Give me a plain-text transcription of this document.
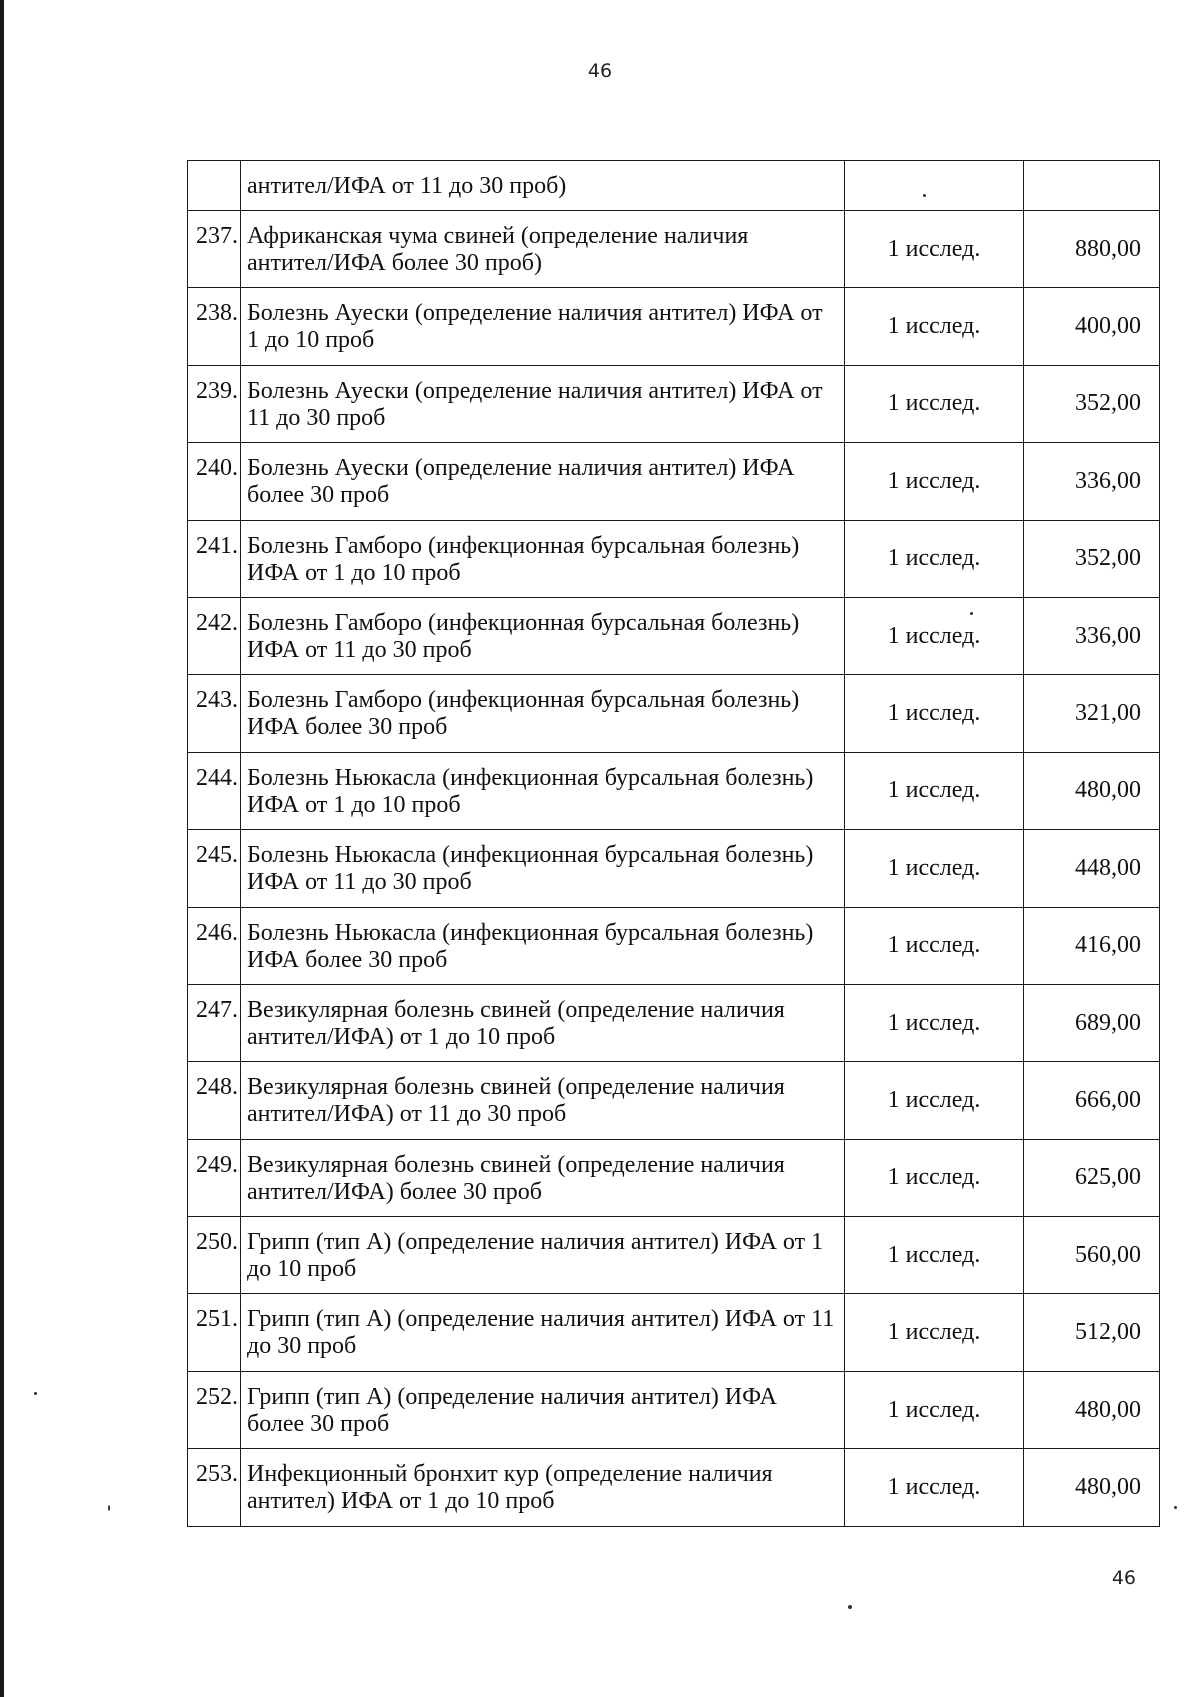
46
	антител/ИФА от 11 до 30 проб)		
237.	Африканская чума свиней (определение наличия антител/ИФА более 30 проб)	1 исслед.	880,00
238.	Болезнь Ауески (определение наличия антител) ИФА от 1 до 10 проб	1 исслед.	400,00
239.	Болезнь Ауески (определение наличия антител) ИФА от 11 до 30 проб	1 исслед.	352,00
240.	Болезнь Ауески (определение наличия антител) ИФА более 30 проб	1 исслед.	336,00
241.	Болезнь Гамборо (инфекционная бурсальная болезнь) ИФА от 1 до 10 проб	1 исслед.	352,00
242.	Болезнь Гамборо (инфекционная бурсальная болезнь) ИФА от 11 до 30 проб	1 исслед.	336,00
243.	Болезнь Гамборо (инфекционная бурсальная болезнь) ИФА более 30 проб	1 исслед.	321,00
244.	Болезнь Ньюкасла (инфекционная бурсальная болезнь) ИФА от 1 до 10 проб	1 исслед.	480,00
245.	Болезнь Ньюкасла (инфекционная бурсальная болезнь) ИФА от 11 до 30 проб	1 исслед.	448,00
246.	Болезнь Ньюкасла (инфекционная бурсальная болезнь) ИФА более 30 проб	1 исслед.	416,00
247.	Везикулярная болезнь свиней (определение наличия антител/ИФА) от 1 до 10 проб	1 исслед.	689,00
248.	Везикулярная болезнь свиней (определение наличия антител/ИФА) от 11 до 30 проб	1 исслед.	666,00
249.	Везикулярная болезнь свиней (определение наличия антител/ИФА) более 30 проб	1 исслед.	625,00
250.	Грипп (тип А) (определение наличия антител) ИФА от 1 до 10 проб	1 исслед.	560,00
251.	Грипп (тип А) (определение наличия антител) ИФА от 11 до 30 проб	1 исслед.	512,00
252.	Грипп (тип А) (определение наличия антител) ИФА более 30 проб	1 исслед.	480,00
253.	Инфекционный бронхит кур (определение наличия антител) ИФА от 1 до 10 проб	1 исслед.	480,00
46
